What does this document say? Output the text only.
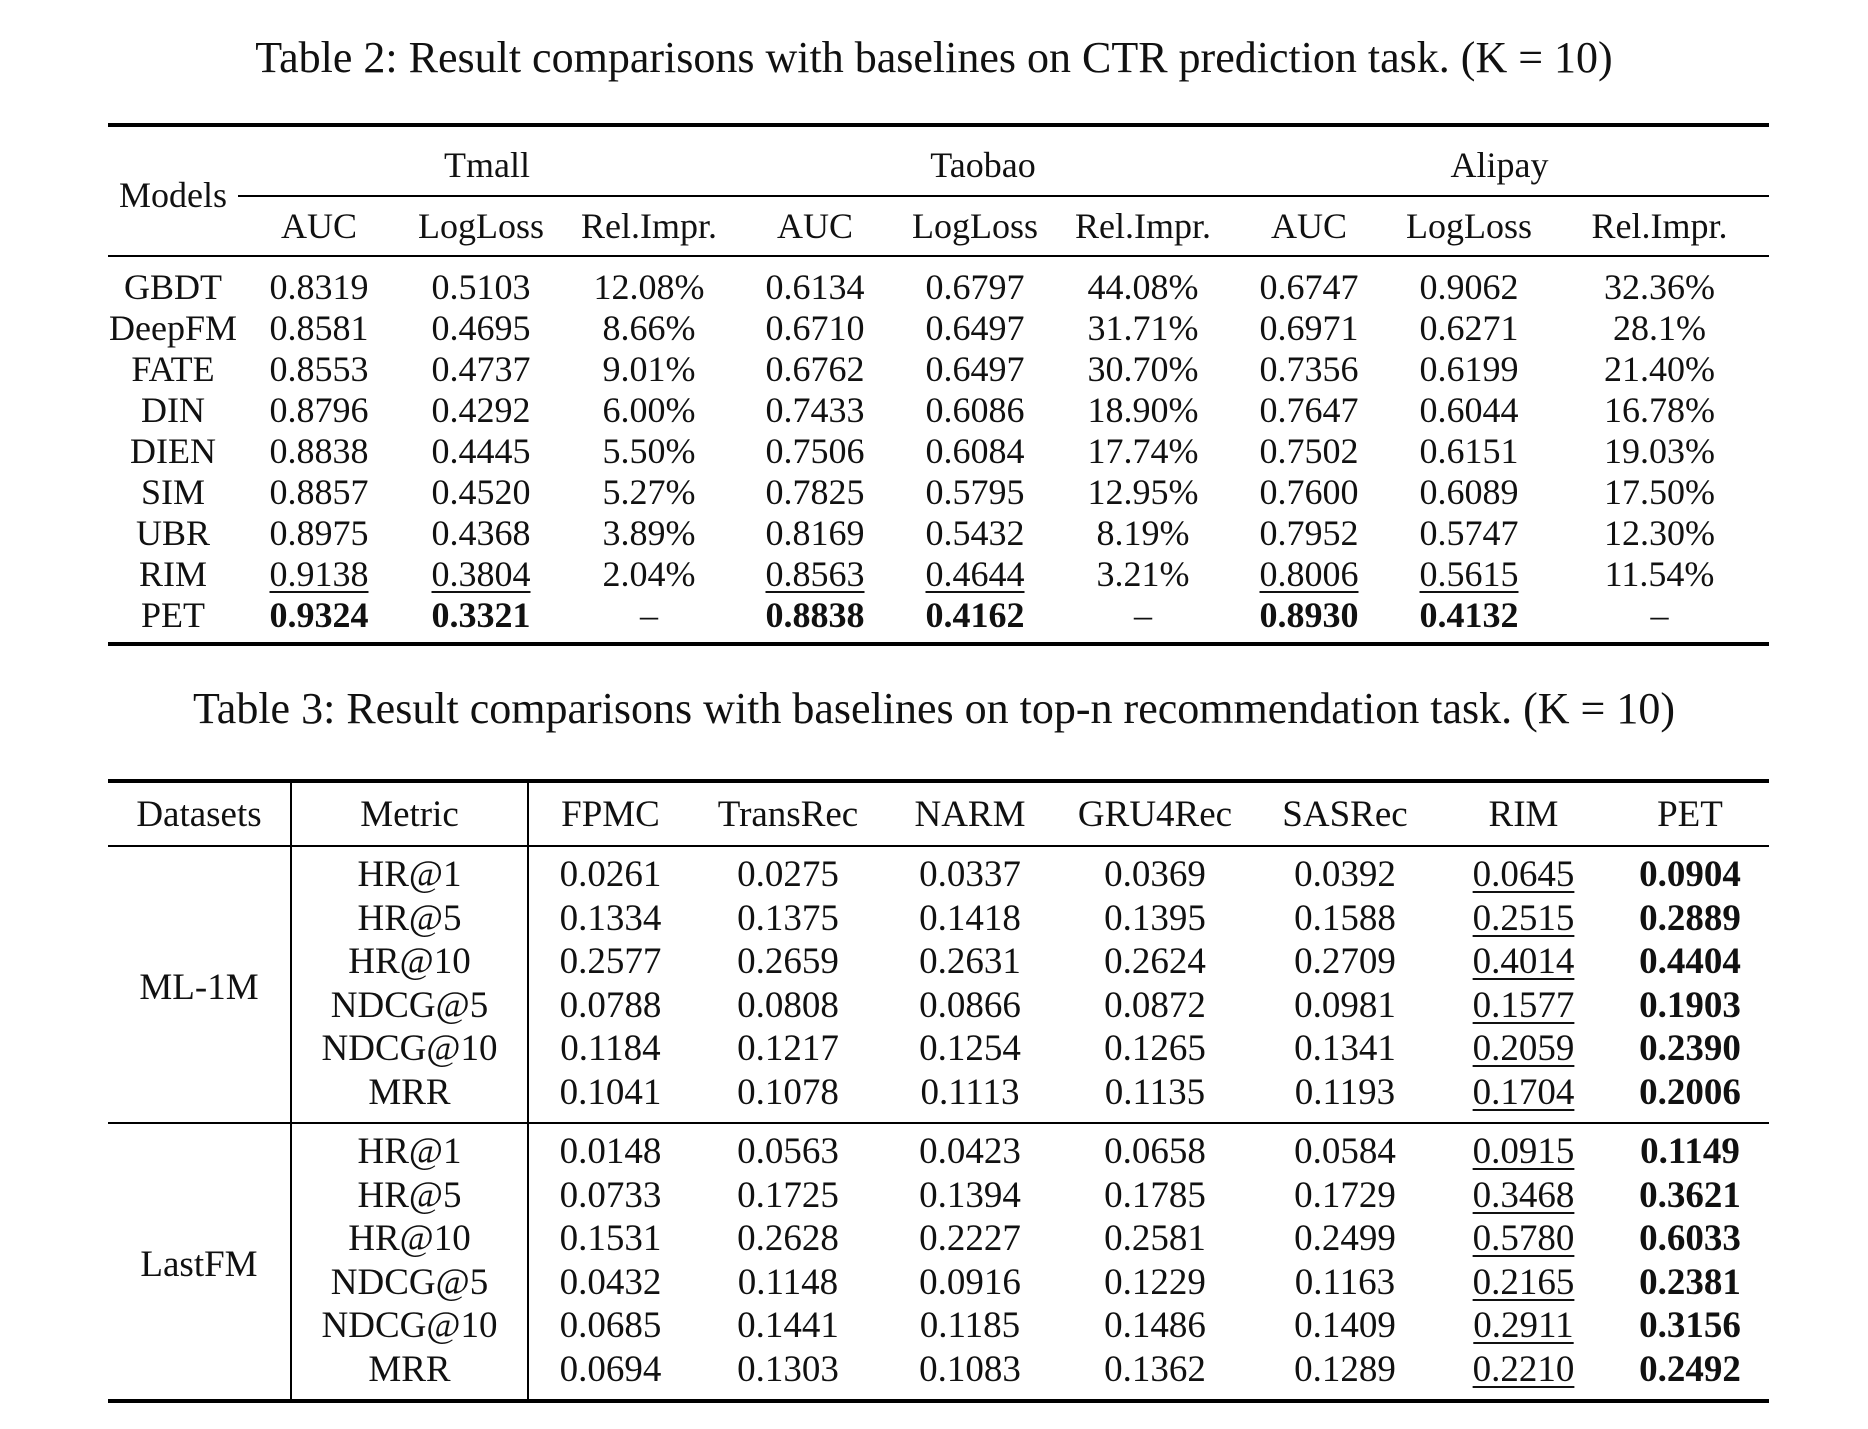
Table 2: Result comparisons with baselines on CTR prediction task. (K = 10)
Models	Tmall			Taobao			Alipay		
	AUC	LogLoss	Rel.Impr.	AUC	LogLoss	Rel.Impr.	AUC	LogLoss	Rel.Impr.
GBDT	0.8319	0.5103	12.08%	0.6134	0.6797	44.08%	0.6747	0.9062	32.36%
DeepFM	0.8581	0.4695	8.66%	0.6710	0.6497	31.71%	0.6971	0.6271	28.1%
FATE	0.8553	0.4737	9.01%	0.6762	0.6497	30.70%	0.7356	0.6199	21.40%
DIN	0.8796	0.4292	6.00%	0.7433	0.6086	18.90%	0.7647	0.6044	16.78%
DIEN	0.8838	0.4445	5.50%	0.7506	0.6084	17.74%	0.7502	0.6151	19.03%
SIM	0.8857	0.4520	5.27%	0.7825	0.5795	12.95%	0.7600	0.6089	17.50%
UBR	0.8975	0.4368	3.89%	0.8169	0.5432	8.19%	0.7952	0.5747	12.30%
RIM	0.9138	0.3804	2.04%	0.8563	0.4644	3.21%	0.8006	0.5615	11.54%
PET	0.9324	0.3321	–	0.8838	0.4162	–	0.8930	0.4132	–
Table 3: Result comparisons with baselines on top-n recommendation task. (K = 10)
Datasets	Metric	FPMC	TransRec	NARM	GRU4Rec	SASRec	RIM	PET
ML-1M	HR@1	0.0261	0.0275	0.0337	0.0369	0.0392	0.0645	0.0904
	HR@5	0.1334	0.1375	0.1418	0.1395	0.1588	0.2515	0.2889
	HR@10	0.2577	0.2659	0.2631	0.2624	0.2709	0.4014	0.4404
	NDCG@5	0.0788	0.0808	0.0866	0.0872	0.0981	0.1577	0.1903
	NDCG@10	0.1184	0.1217	0.1254	0.1265	0.1341	0.2059	0.2390
	MRR	0.1041	0.1078	0.1113	0.1135	0.1193	0.1704	0.2006
LastFM	HR@1	0.0148	0.0563	0.0423	0.0658	0.0584	0.0915	0.1149
	HR@5	0.0733	0.1725	0.1394	0.1785	0.1729	0.3468	0.3621
	HR@10	0.1531	0.2628	0.2227	0.2581	0.2499	0.5780	0.6033
	NDCG@5	0.0432	0.1148	0.0916	0.1229	0.1163	0.2165	0.2381
	NDCG@10	0.0685	0.1441	0.1185	0.1486	0.1409	0.2911	0.3156
	MRR	0.0694	0.1303	0.1083	0.1362	0.1289	0.2210	0.2492
